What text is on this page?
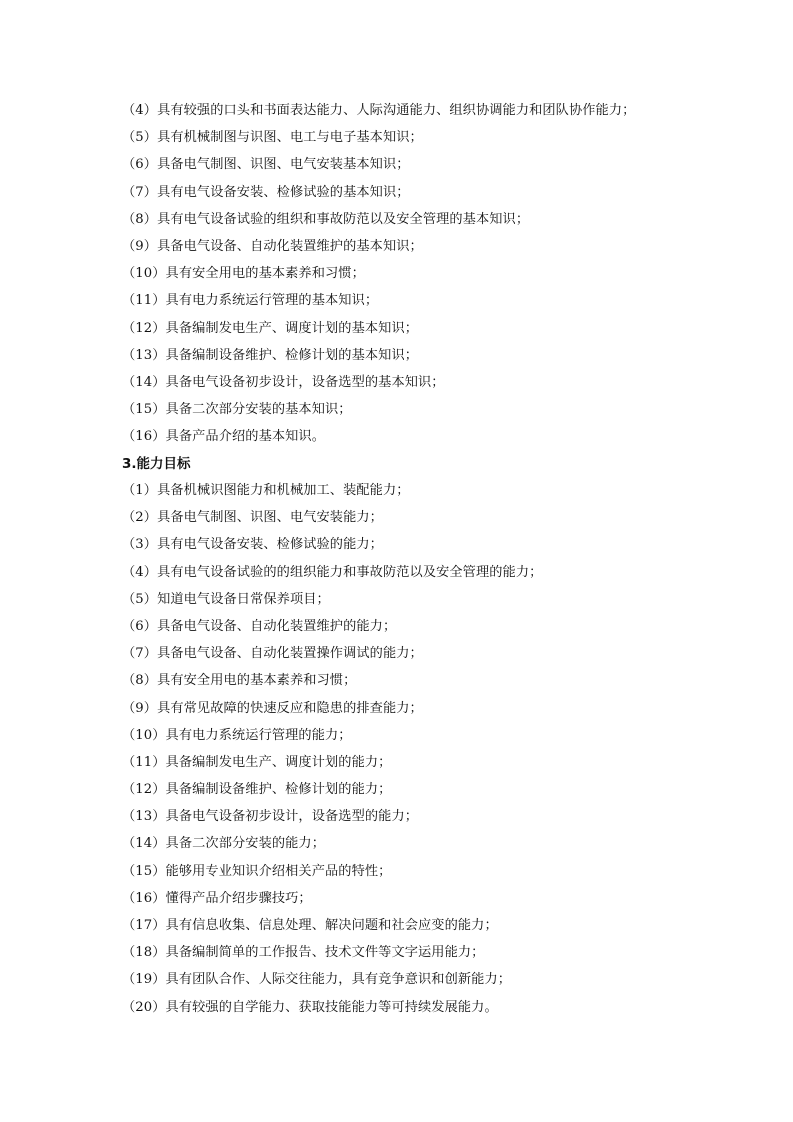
（4）具有较强的口头和书面表达能力、人际沟通能力、组织协调能力和团队协作能力；
（5）具有机械制图与识图、电工与电子基本知识；
（6）具备电气制图、识图、电气安装基本知识；
（7）具有电气设备安装、检修试验的基本知识；
（8）具有电气设备试验的组织和事故防范以及安全管理的基本知识；
（9）具备电气设备、自动化装置维护的基本知识；
（10）具有安全用电的基本素养和习惯；
（11）具有电力系统运行管理的基本知识；
（12）具备编制发电生产、调度计划的基本知识；
（13）具备编制设备维护、检修计划的基本知识；
（14）具备电气设备初步设计，设备选型的基本知识；
（15）具备二次部分安装的基本知识；
（16）具备产品介绍的基本知识。
3.能力目标
（1）具备机械识图能力和机械加工、装配能力；
（2）具备电气制图、识图、电气安装能力；
（3）具有电气设备安装、检修试验的能力；
（4）具有电气设备试验的的组织能力和事故防范以及安全管理的能力；
（5）知道电气设备日常保养项目；
（6）具备电气设备、自动化装置维护的能力；
（7）具备电气设备、自动化装置操作调试的能力；
（8）具有安全用电的基本素养和习惯；
（9）具有常见故障的快速反应和隐患的排查能力；
（10）具有电力系统运行管理的能力；
（11）具备编制发电生产、调度计划的能力；
（12）具备编制设备维护、检修计划的能力；
（13）具备电气设备初步设计，设备选型的能力；
（14）具备二次部分安装的能力；
（15）能够用专业知识介绍相关产品的特性；
（16）懂得产品介绍步骤技巧；
（17）具有信息收集、信息处理、解决问题和社会应变的能力；
（18）具备编制简单的工作报告、技术文件等文字运用能力；
（19）具有团队合作、人际交往能力，具有竞争意识和创新能力；
（20）具有较强的自学能力、获取技能能力等可持续发展能力。
